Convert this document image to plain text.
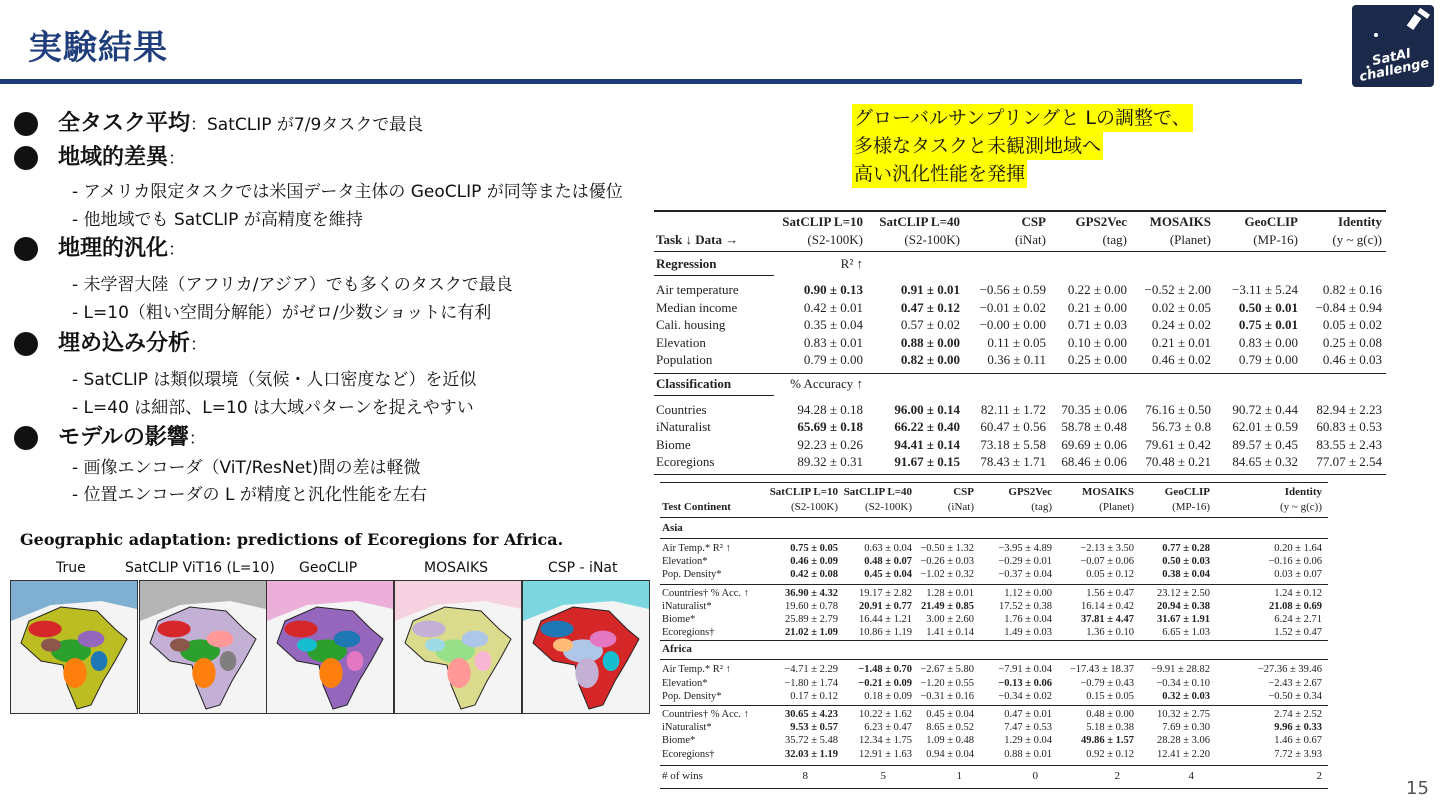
実験結果	SatAI
challenge
全タスク平均：SatCLIP が7/9タスクで最良
地域的差異：
- アメリカ限定タスクでは米国データ主体の GeoCLIP が同等または優位
- 他地域でも SatCLIP が高精度を維持
地理的汎化：
- 未学習大陸（アフリカ/アジア）でも多くのタスクで最良
- L=10（粗い空間分解能）がゼロ/少数ショットに有利
埋め込み分析：
- SatCLIP は類似環境（気候・人口密度など）を近似
- L=40 は細部、L=10 は大域パターンを捉えやすい
モデルの影響：
- 画像エンコーダ（ViT/ResNet)間の差は軽微
- 位置エンコーダの L が精度と汎化性能を左右
グローバルサンプリングと Lの調整で、
多様なタスクと未観測地域へ
高い汎化性能を発揮
Geographic adaptation: predictions of Ecoregions for Africa.
True	SatCLIP ViT16 (L=10) GeoCLIP	MOSAIKS	CSP - iNat
SatCLIP L=10 SatCLIP L=40	CSP GPS2Vec MOSAIKS	GeoCLIP	Identity
Task ↓ Data →	(S2-100K)	(S2-100K)	(iNat)	(tag)	(Planet)	(MP-16)	(y ~ g(c))
Regression	R² ↑
Air temperature	0.90 ± 0.13	0.91 ± 0.01 −0.56 ± 0.59 0.22 ± 0.00 −0.52 ± 2.00 −3.11 ± 5.24 0.82 ± 0.16
Median income	0.42 ± 0.01	0.47 ± 0.12 −0.01 ± 0.02 0.21 ± 0.00 0.02 ± 0.05 0.50 ± 0.01 −0.84 ± 0.94
Cali. housing	0.35 ± 0.04	0.57 ± 0.02 −0.00 ± 0.00 0.71 ± 0.03 0.24 ± 0.02 0.75 ± 0.01 0.05 ± 0.02
Elevation	0.83 ± 0.01	0.88 ± 0.00 0.11 ± 0.05 0.10 ± 0.00 0.21 ± 0.01 0.83 ± 0.00 0.25 ± 0.08
Population	0.79 ± 0.00	0.82 ± 0.00 0.36 ± 0.11 0.25 ± 0.00 0.46 ± 0.02 0.79 ± 0.00 0.46 ± 0.03
Classification	% Accuracy ↑
Countries	94.28 ± 0.18 96.00 ± 0.14 82.11 ± 1.72 70.35 ± 0.06 76.16 ± 0.50 90.72 ± 0.44 82.94 ± 2.23
iNaturalist	65.69 ± 0.18 66.22 ± 0.40 60.47 ± 0.56 58.78 ± 0.48 56.73 ± 0.8 62.01 ± 0.59 60.83 ± 0.53
Biome	92.23 ± 0.26 94.41 ± 0.14 73.18 ± 5.58 69.69 ± 0.06 79.61 ± 0.42 89.57 ± 0.45 83.55 ± 2.43
Ecoregions	89.32 ± 0.31 91.67 ± 0.15 78.43 ± 1.71 68.46 ± 0.06 70.48 ± 0.21 84.65 ± 0.32 77.07 ± 2.54
SatCLIP L=10 SatCLIP L=40	CSP	GPS2Vec	MOSAIKS	GeoCLIP	Identity
Test Continent	(S2-100K) (S2-100K)	(iNat)	(tag)	(Planet)	(MP-16)	(y ~ g(c))
Asia
Air Temp.* R² ↑	0.75 ± 0.05 0.63 ± 0.04 −0.50 ± 1.32 −3.95 ± 4.89	−2.13 ± 3.50	0.77 ± 0.28	0.20 ± 1.64
Elevation*	0.46 ± 0.09 0.48 ± 0.07 −0.26 ± 0.03 −0.29 ± 0.01	−0.07 ± 0.06	0.50 ± 0.03	−0.16 ± 0.06
Pop. Density*	0.42 ± 0.08 0.45 ± 0.04 −1.02 ± 0.32 −0.37 ± 0.04	0.05 ± 0.12	0.38 ± 0.04	0.03 ± 0.07
Countries† % Acc. ↑	36.90 ± 4.32 19.17 ± 2.82 1.28 ± 0.01	1.12 ± 0.00	1.56 ± 0.47 23.12 ± 2.50	1.24 ± 0.12
iNaturalist*	19.60 ± 0.78 20.91 ± 0.77 21.49 ± 0.85 17.52 ± 0.38	16.14 ± 0.42 20.94 ± 0.38	21.08 ± 0.69
Biome*	25.89 ± 2.79 16.44 ± 1.21 3.00 ± 2.60	1.76 ± 0.04	37.81 ± 4.47 31.67 ± 1.91	6.24 ± 2.71
Ecoregions†	21.02 ± 1.09 10.86 ± 1.19 1.41 ± 0.14	1.49 ± 0.03	1.36 ± 0.10	6.65 ± 1.03	1.52 ± 0.47
Africa
Air Temp.* R² ↑	−4.71 ± 2.29 −1.48 ± 0.70 −2.67 ± 5.80 −7.91 ± 0.04 −17.43 ± 18.37 −9.91 ± 28.82	−27.36 ± 39.46
Elevation*	−1.80 ± 1.74 −0.21 ± 0.09 −1.20 ± 0.55 −0.13 ± 0.06	−0.79 ± 0.43 −0.34 ± 0.10	−2.43 ± 2.67
Pop. Density*	0.17 ± 0.12 0.18 ± 0.09 −0.31 ± 0.16 −0.34 ± 0.02	0.15 ± 0.05	0.32 ± 0.03	−0.50 ± 0.34
Countries† % Acc. ↑	30.65 ± 4.23 10.22 ± 1.62 0.45 ± 0.04	0.47 ± 0.01	0.48 ± 0.00 10.32 ± 2.75	2.74 ± 2.52
iNaturalist*	9.53 ± 0.57 6.23 ± 0.47 8.65 ± 0.52	7.47 ± 0.53	5.18 ± 0.38	7.69 ± 0.30	9.96 ± 0.33
Biome*	35.72 ± 5.48 12.34 ± 1.75 1.09 ± 0.48	1.29 ± 0.04	49.86 ± 1.57 28.28 ± 3.06	1.46 ± 0.67
Ecoregions†	32.03 ± 1.19 12.91 ± 1.63 0.94 ± 0.04	0.88 ± 0.01	0.92 ± 0.12 12.41 ± 2.20	7.72 ± 3.93
# of wins	8	5	1	0	2	4	2
15
